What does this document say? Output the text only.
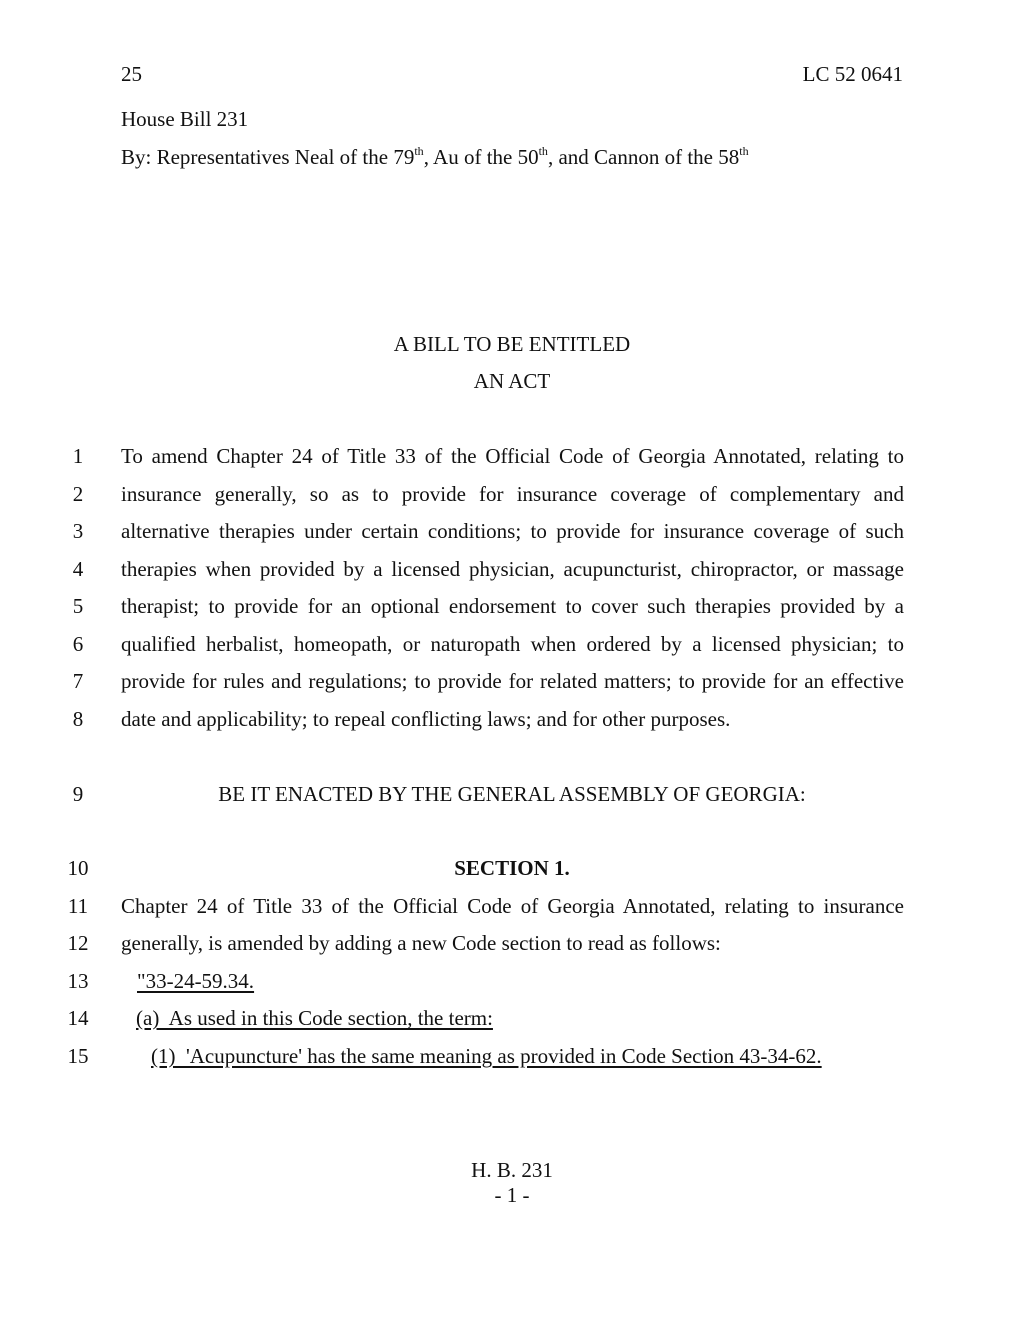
25	LC 52 0641
House Bill 231
By: Representatives Neal of the 79th, Au of the 50th, and Cannon of the 58th
A BILL TO BE ENTITLED
AN ACT
1	To amend Chapter 24 of Title 33 of the Official Code of Georgia Annotated, relating to
2	insurance generally, so as to provide for insurance coverage of complementary and
3	alternative therapies under certain conditions; to provide for insurance coverage of such
4	therapies when provided by a licensed physician, acupuncturist, chiropractor, or massage
5	therapist; to provide for an optional endorsement to cover such therapies provided by a
6	qualified herbalist, homeopath, or naturopath when ordered by a licensed physician; to
7	provide for rules and regulations; to provide for related matters; to provide for an effective
8	date and applicability; to repeal conflicting laws; and for other purposes.
9	BE IT ENACTED BY THE GENERAL ASSEMBLY OF GEORGIA:
10	SECTION 1.
11	Chapter 24 of Title 33 of the Official Code of Georgia Annotated, relating to insurance
12	generally, is amended by adding a new Code section to read as follows:
13	"33-24-59.34.
14	(a)  As used in this Code section, the term:
15	(1)  'Acupuncture' has the same meaning as provided in Code Section 43-34-62.
H. B. 231
- 1 -
